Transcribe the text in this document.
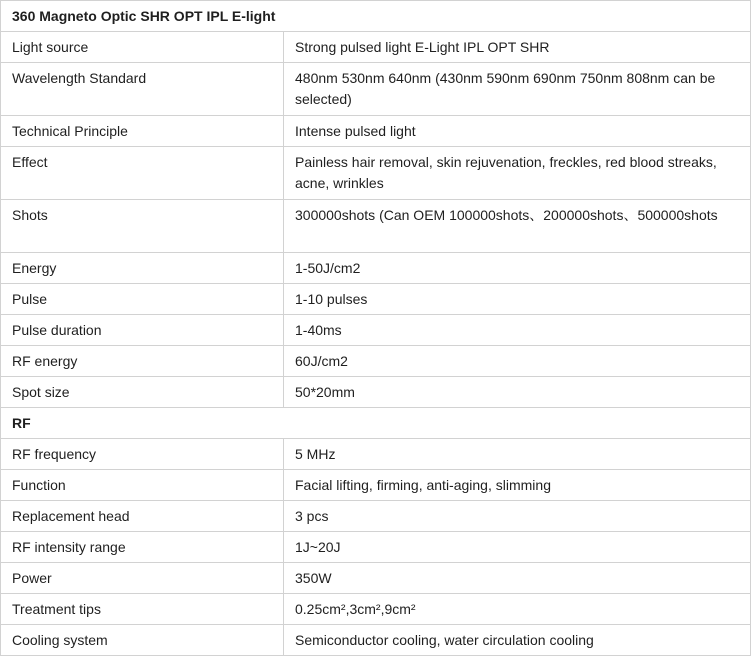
360 Magneto Optic SHR OPT IPL E-light	
Light source	Strong pulsed light E-Light IPL OPT SHR
Wavelength Standard	480nm 530nm 640nm (430nm 590nm 690nm 750nm 808nm can be selected)
Technical Principle	Intense pulsed light
Effect	Painless hair removal, skin rejuvenation, freckles, red blood streaks, acne, wrinkles
Shots	300000shots (Can OEM 100000shots、200000shots、500000shots
Energy	1-50J/cm2
Pulse	1-10 pulses
Pulse duration	1-40ms
RF energy	60J/cm2
Spot size	50*20mm
RF	
RF frequency	5 MHz
Function	Facial lifting, firming, anti-aging, slimming
Replacement head	3 pcs
RF intensity range	1J~20J
Power	350W
Treatment tips	0.25cm²,3cm²,9cm²
Cooling system	Semiconductor cooling, water circulation cooling
